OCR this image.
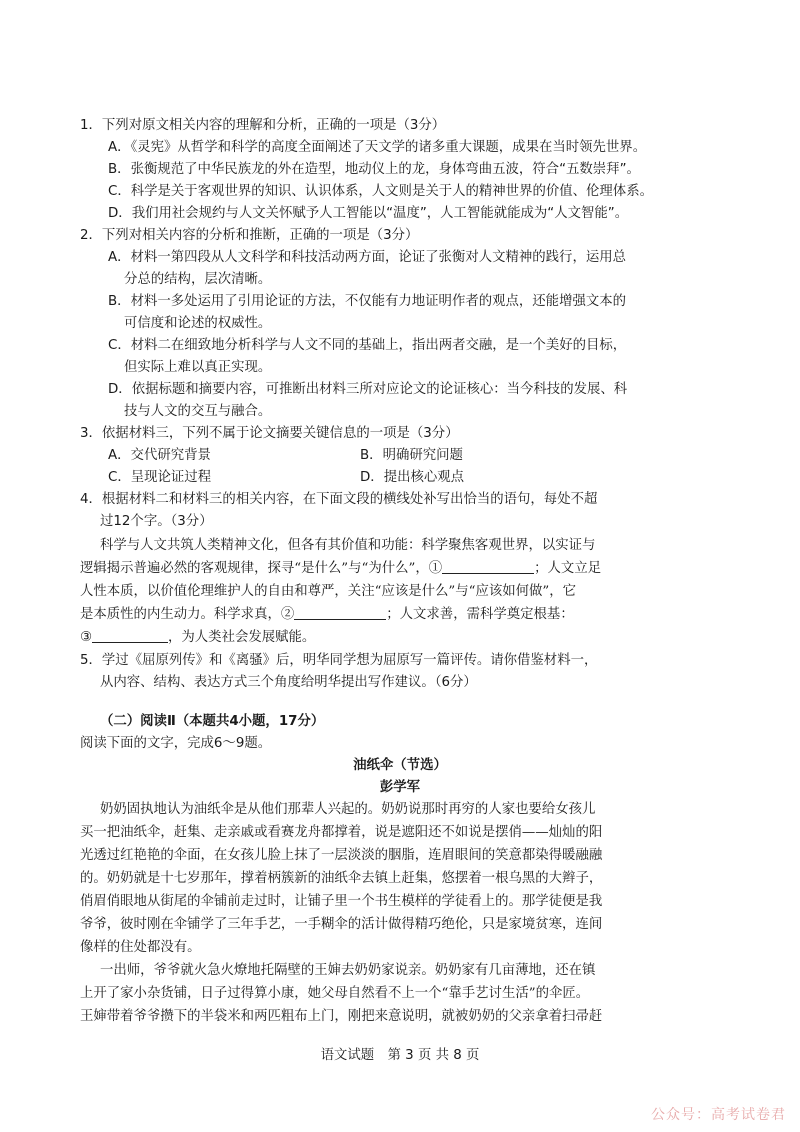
1．下列对原文相关内容的理解和分析，正确的一项是（3分）
A．《灵宪》从哲学和科学的高度全面阐述了天文学的诸多重大课题，成果在当时领先世界。
B．张衡规范了中华民族龙的外在造型，地动仪上的龙，身体弯曲五波，符合“五数崇拜”。
C．科学是关于客观世界的知识、认识体系，人文则是关于人的精神世界的价值、伦理体系。
D．我们用社会规约与人文关怀赋予人工智能以“温度”，人工智能就能成为“人文智能”。
2．下列对相关内容的分析和推断，正确的一项是（3分）
A．材料一第四段从人文科学和科技活动两方面，论证了张衡对人文精神的践行，运用总
分总的结构，层次清晰。
B．材料一多处运用了引用论证的方法，不仅能有力地证明作者的观点，还能增强文本的
可信度和论述的权威性。
C．材料二在细致地分析科学与人文不同的基础上，指出两者交融，是一个美好的目标，
但实际上难以真正实现。
D．依据标题和摘要内容，可推断出材料三所对应论文的论证核心：当今科技的发展、科
技与人文的交互与融合。
3．依据材料三，下列不属于论文摘要关键信息的一项是（3分）
A．交代研究背景	B．明确研究问题
C．呈现论证过程	D．提出核心观点
4．根据材料二和材料三的相关内容，在下面文段的横线处补写出恰当的语句，每处不超
过12个字。（3分）
科学与人文共筑人类精神文化，但各有其价值和功能：科学聚焦客观世界，以实证与
逻辑揭示普遍必然的客观规律，探寻“是什么”与“为什么”，①	；人文立足
人性本质，以价值伦理维护人的自由和尊严，关注“应该是什么”与“应该如何做”，它
是本质性的内生动力。科学求真，②	；人文求善，需科学奠定根基：
③	，为人类社会发展赋能。
5．学过《屈原列传》和《离骚》后，明华同学想为屈原写一篇评传。请你借鉴材料一，
从内容、结构、表达方式三个角度给明华提出写作建议。（6分）
（二）阅读Ⅱ（本题共4小题，17分）
阅读下面的文字，完成6～9题。
油纸伞（节选）
彭学军
奶奶固执地认为油纸伞是从他们那辈人兴起的。奶奶说那时再穷的人家也要给女孩儿
买一把油纸伞，赶集、走亲戚或看赛龙舟都撑着，说是遮阳还不如说是摆俏——灿灿的阳
光透过红艳艳的伞面，在女孩儿脸上抹了一层淡淡的胭脂，连眉眼间的笑意都染得暖融融
的。奶奶就是十七岁那年，撑着柄簇新的油纸伞去镇上赶集，悠摆着一根乌黑的大辫子，
俏眉俏眼地从街尾的伞铺前走过时，让铺子里一个书生模样的学徒看上的。那学徒便是我
爷爷，彼时刚在伞铺学了三年手艺，一手糊伞的活计做得精巧绝伦，只是家境贫寒，连间
像样的住处都没有。
一出师，爷爷就火急火燎地托隔壁的王婶去奶奶家说亲。奶奶家有几亩薄地，还在镇
上开了家小杂货铺，日子过得算小康，她父母自然看不上一个“靠手艺讨生活”的伞匠。
王婶带着爷爷攒下的半袋米和两匹粗布上门，刚把来意说明，就被奶奶的父亲拿着扫帚赶
语文试题　第 3 页 共 8 页
公众号：高考试卷君
